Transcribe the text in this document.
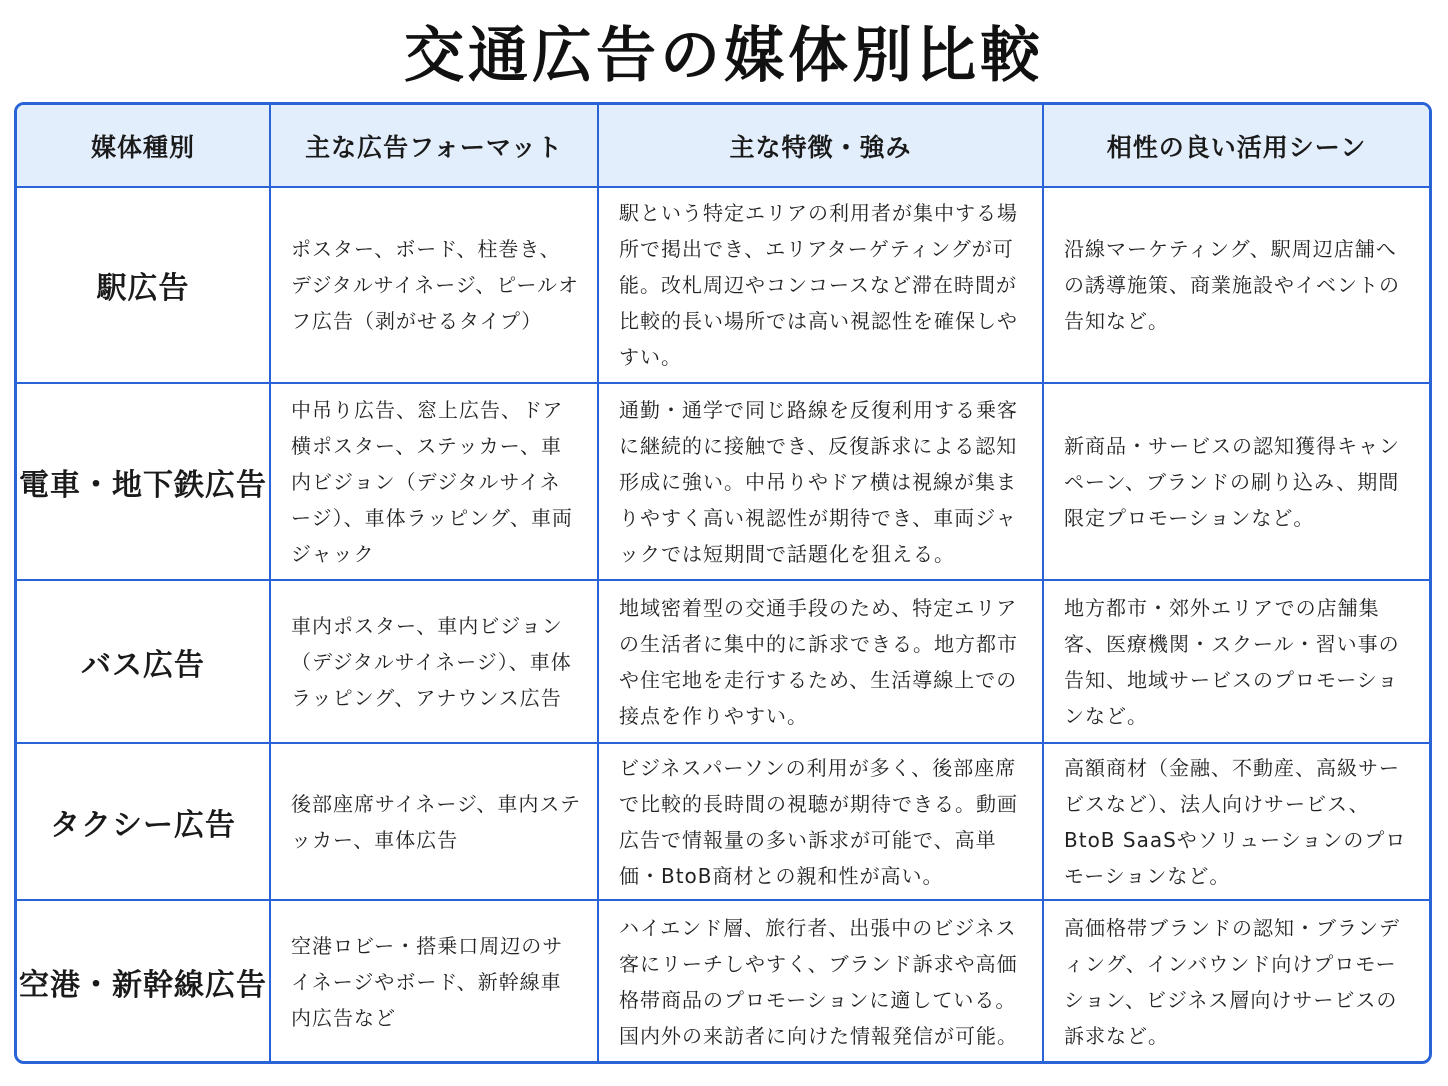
交通広告の媒体別比較
媒体種別	主な広告フォーマット	主な特徴・強み	相性の良い活用シーン
駅広告	ポスター、ボード、柱巻き、デジタルサイネージ、ピールオフ広告（剥がせるタイプ）	駅という特定エリアの利用者が集中する場所で掲出でき、エリアターゲティングが可能。改札周辺やコンコースなど滞在時間が比較的長い場所では高い視認性を確保しやすい。	沿線マーケティング、駅周辺店舗への誘導施策、商業施設やイベントの告知など。
電車・地下鉄広告	中吊り広告、窓上広告、ドア横ポスター、ステッカー、車内ビジョン（デジタルサイネージ）、車体ラッピング、車両ジャック	通勤・通学で同じ路線を反復利用する乗客に継続的に接触でき、反復訴求による認知形成に強い。中吊りやドア横は視線が集まりやすく高い視認性が期待でき、車両ジャックでは短期間で話題化を狙える。	新商品・サービスの認知獲得キャンペーン、ブランドの刷り込み、期間限定プロモーションなど。
バス広告	車内ポスター、車内ビジョン（デジタルサイネージ）、車体ラッピング、アナウンス広告	地域密着型の交通手段のため、特定エリアの生活者に集中的に訴求できる。地方都市や住宅地を走行するため、生活導線上での接点を作りやすい。	地方都市・郊外エリアでの店舗集客、医療機関・スクール・習い事の告知、地域サービスのプロモーションなど。
タクシー広告	後部座席サイネージ、車内ステッカー、車体広告	ビジネスパーソンの利用が多く、後部座席で比較的長時間の視聴が期待できる。動画広告で情報量の多い訴求が可能で、高単価・BtoB商材との親和性が高い。	高額商材（金融、不動産、高級サービスなど）、法人向けサービス、BtoB SaaSやソリューションのプロモーションなど。
空港・新幹線広告	空港ロビー・搭乗口周辺のサイネージやボード、新幹線車内広告など	ハイエンド層、旅行者、出張中のビジネス客にリーチしやすく、ブランド訴求や高価格帯商品のプロモーションに適している。国内外の来訪者に向けた情報発信が可能。	高価格帯ブランドの認知・ブランディング、インバウンド向けプロモーション、ビジネス層向けサービスの訴求など。
